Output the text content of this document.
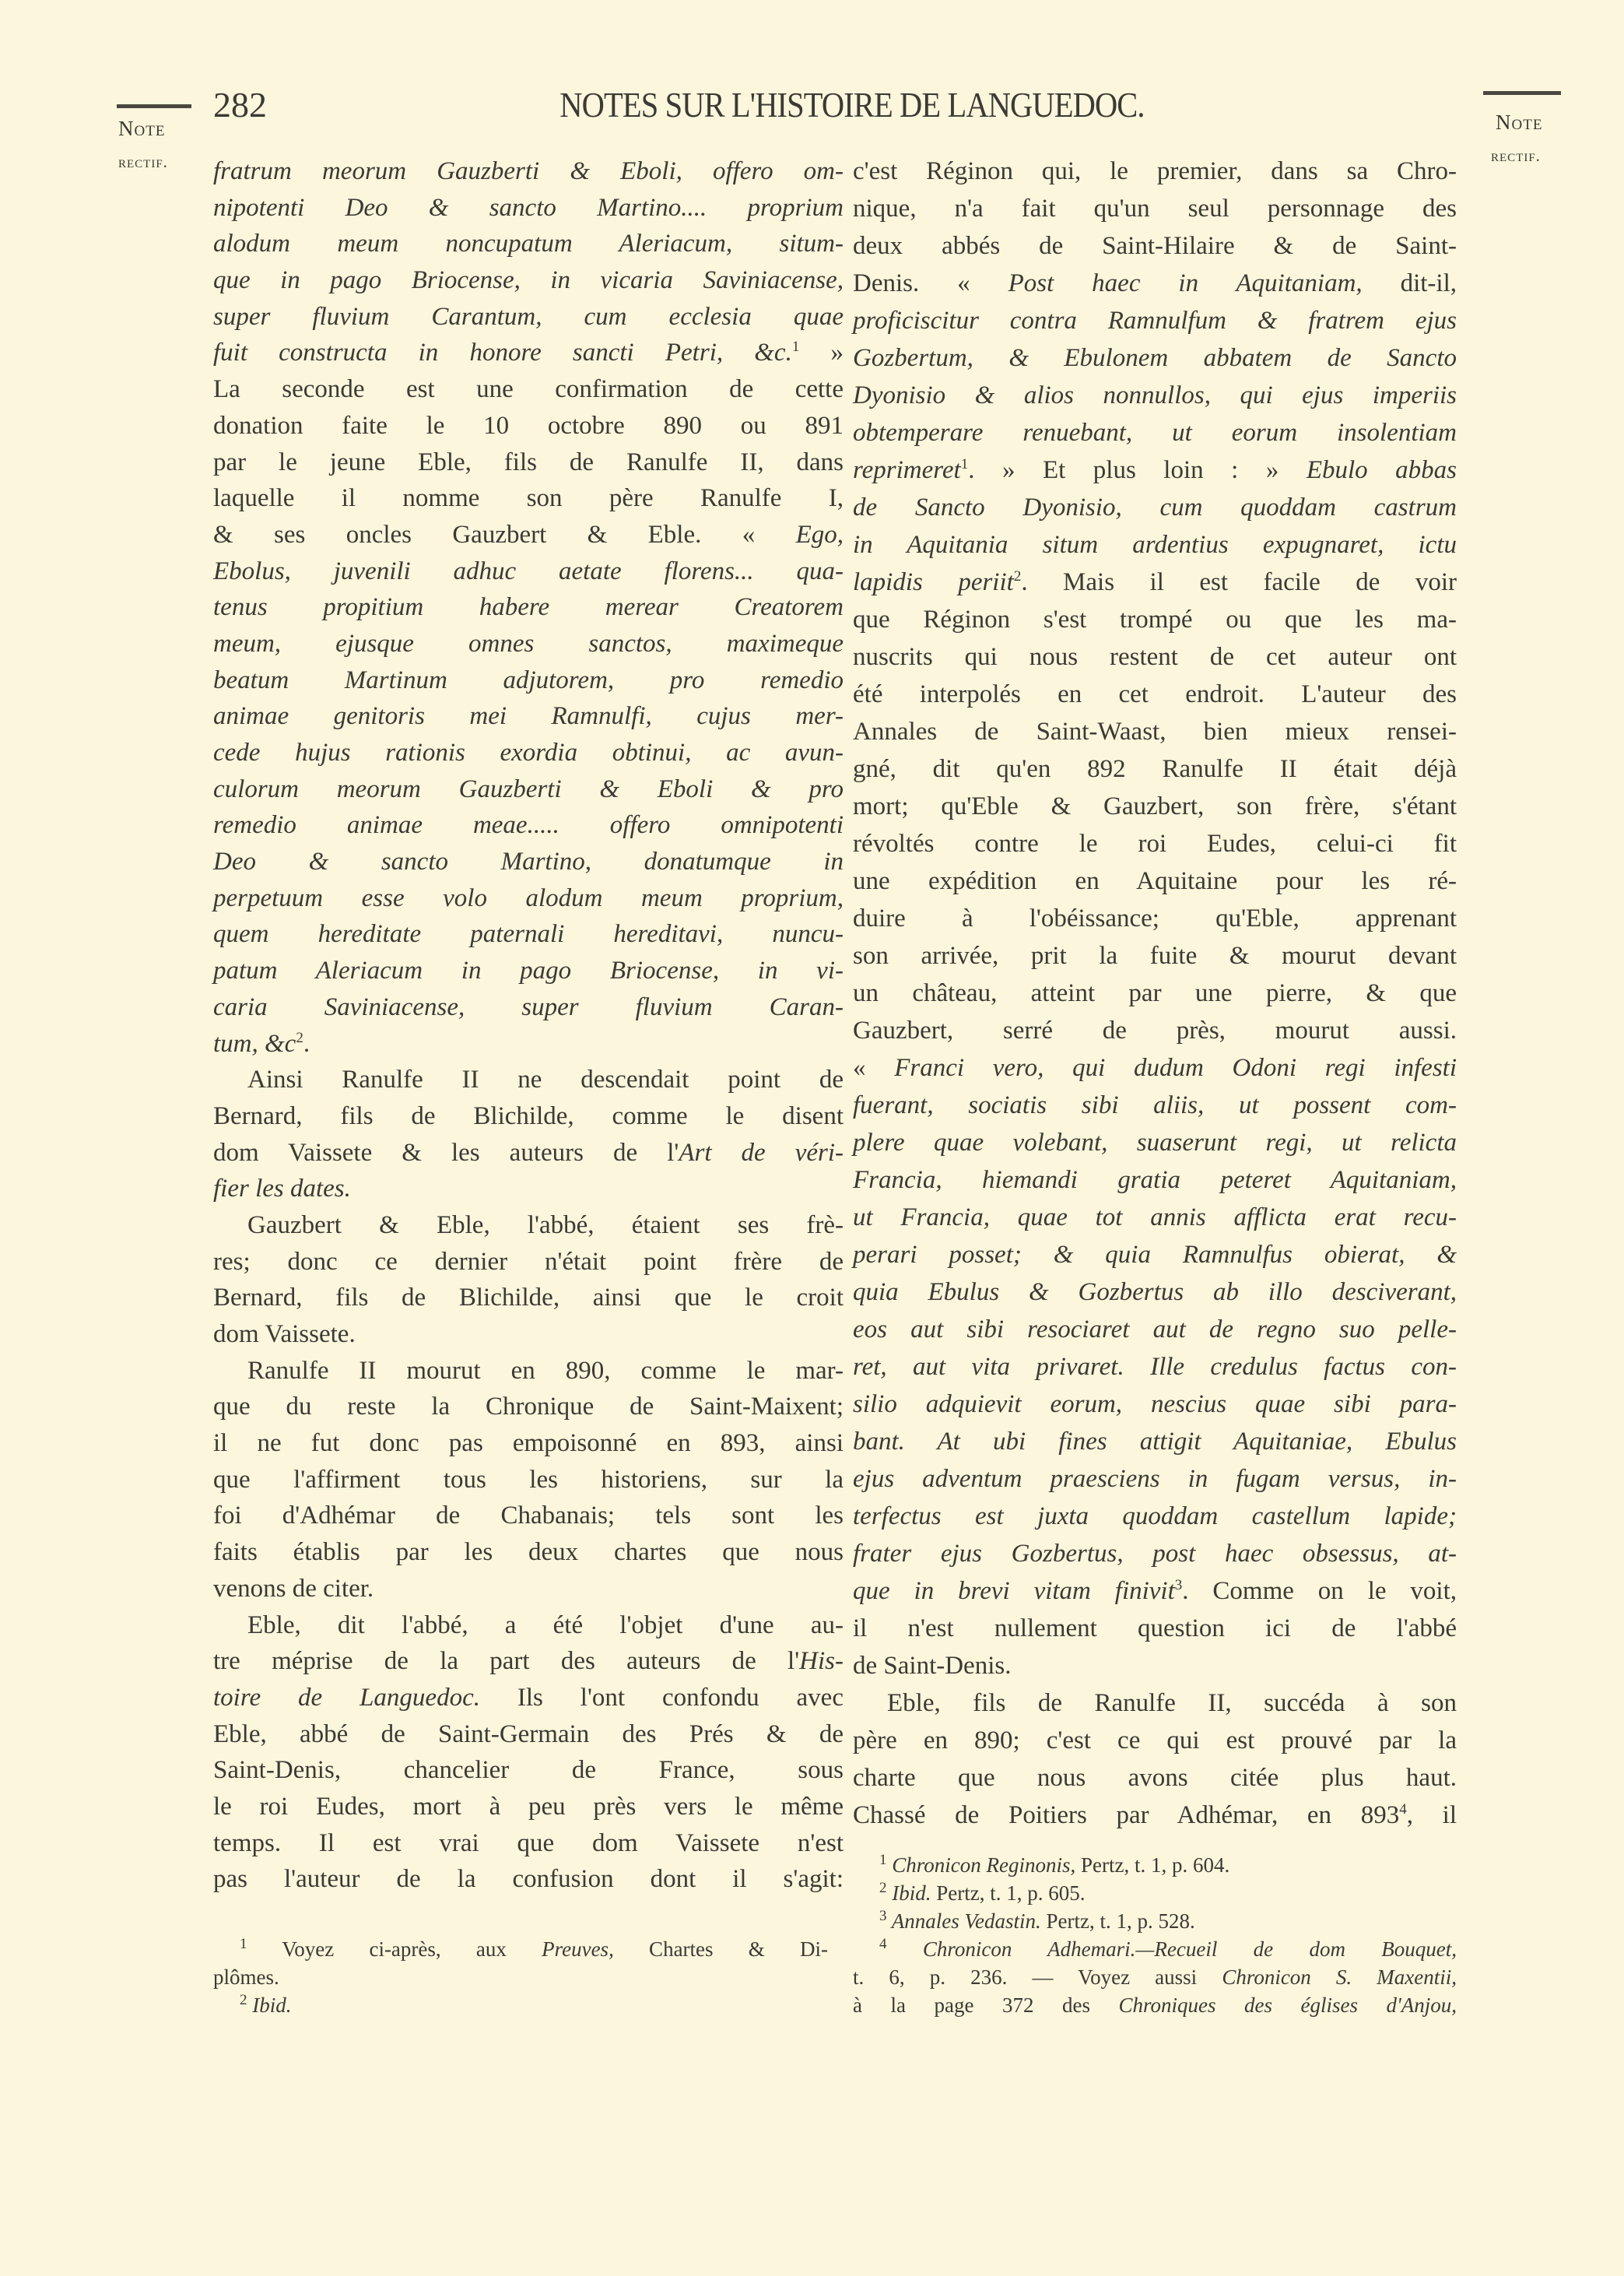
Note
rectif.
Note
rectif.
282	NOTES SUR L'HISTOIRE DE LANGUEDOC.
fratrum meorum Gauzberti & Eboli, offero om-
nipotenti Deo & sancto Martino.... proprium
alodum meum noncupatum Aleriacum, situm-
que in pago Briocense, in vicaria Saviniacense,
super fluvium Carantum, cum ecclesia quae
fuit constructa in honore sancti Petri, &c.$^1$ »
La seconde est une confirmation de cette
donation faite le 10 octobre 890 ou 891
par le jeune Eble, fils de Ranulfe II, dans
laquelle il nomme son père Ranulfe I,
& ses oncles Gauzbert & Eble. « Ego,
Ebolus, juvenili adhuc aetate florens... qua-
tenus propitium habere merear Creatorem
meum, ejusque omnes sanctos, maximeque
beatum Martinum adjutorem, pro remedio
animae genitoris mei Ramnulfi, cujus mer-
cede hujus rationis exordia obtinui, ac avun-
culorum meorum Gauzberti & Eboli & pro
remedio animae meae..... offero omnipotenti
Deo & sancto Martino, donatumque in
perpetuum esse volo alodum meum proprium,
quem hereditate paternali hereditavi, nuncu-
patum Aleriacum in pago Briocense, in vi-
caria Saviniacense, super fluvium Caran-
tum, $\&c^2$.
Ainsi Ranulfe II ne descendait point de
Bernard, fils de Blichilde, comme le disent
dom Vaissete & les auteurs de l'Art de véri-
fier les dates.
Gauzbert & Eble, l'abbé, étaient ses frè-
res; donc ce dernier n'était point frère de
Bernard, fils de Blichilde, ainsi que le croit
dom Vaissete.
Ranulfe II mourut en 890, comme le mar-
que du reste la Chronique de Saint-Maixent;
il ne fut donc pas empoisonné en 893, ainsi
que l'affirment tous les historiens, sur la
foi d'Adhémar de Chabanais; tels sont les
faits établis par les deux chartes que nous
venons de citer.
Eble, dit l'abbé, a été l'objet d'une au-
tre méprise de la part des auteurs de l'His-
toire de Languedoc. Ils l'ont confondu avec
Eble, abbé de Saint-Germain des Prés & de
Saint-Denis, chancelier de France, sous
le roi Eudes, mort à peu près vers le même
temps. Il est vrai que dom Vaissete n'est
pas l'auteur de la confusion dont il s'agit:
$^1$ Voyez ci-après, aux Preuves, Chartes & Di-
plômes.
$^2$ Ibid.
c'est Réginon qui, le premier, dans sa Chro-
nique, n'a fait qu'un seul personnage des
deux abbés de Saint-Hilaire & de Saint-
Denis. « Post haec in Aquitaniam, dit-il,
proficiscitur contra Ramnulfum & fratrem ejus
Gozbertum, & Ebulonem abbatem de Sancto
Dyonisio & alios nonnullos, qui ejus imperiis
obtemperare renuebant, ut eorum insolentiam
reprimeret$^1$. » Et plus loin : » Ebulo abbas
de Sancto Dyonisio, cum quoddam castrum
in Aquitania situm ardentius expugnaret, ictu
lapidis periit$^2$. Mais il est facile de voir
que Réginon s'est trompé ou que les ma-
nuscrits qui nous restent de cet auteur ont
été interpolés en cet endroit. L'auteur des
Annales de Saint-Waast, bien mieux rensei-
gné, dit qu'en 892 Ranulfe II était déjà
mort; qu'Eble & Gauzbert, son frère, s'étant
révoltés contre le roi Eudes, celui-ci fit
une expédition en Aquitaine pour les ré-
duire à l'obéissance; qu'Eble, apprenant
son arrivée, prit la fuite & mourut devant
un château, atteint par une pierre, & que
Gauzbert, serré de près, mourut aussi.
« Franci vero, qui dudum Odoni regi infesti
fuerant, sociatis sibi aliis, ut possent com-
plere quae volebant, suaserunt regi, ut relicta
Francia, hiemandi gratia peteret Aquitaniam,
ut Francia, quae tot annis afflicta erat recu-
perari posset; & quia Ramnulfus obierat, &
quia Ebulus & Gozbertus ab illo desciverant,
eos aut sibi resociaret aut de regno suo pelle-
ret, aut vita privaret. Ille credulus factus con-
silio adquievit eorum, nescius quae sibi para-
bant. At ubi fines attigit Aquitaniae, Ebulus
ejus adventum praesciens in fugam versus, in-
terfectus est juxta quoddam castellum lapide;
frater ejus Gozbertus, post haec obsessus, at-
que in brevi vitam finivit$^3$. Comme on le voit,
il n'est nullement question ici de l'abbé
de Saint-Denis.
Eble, fils de Ranulfe II, succéda à son
père en 890; c'est ce qui est prouvé par la
charte que nous avons citée plus haut.
Chassé de Poitiers par Adhémar, en $893^4$, il
$^1$ Chronicon Reginonis, Pertz, t. 1, p. 604.
$^2$ Ibid. Pertz, t. 1, p. 605.
$^3$ Annales Vedastin. Pertz, t. 1, p. 528.
$^4$ Chronicon Adhemari.—Recueil de dom Bouquet,
t. 6, p. 236. — Voyez aussi Chronicon S. Maxentii,
à la page 372 des Chroniques des églises d'Anjou,
